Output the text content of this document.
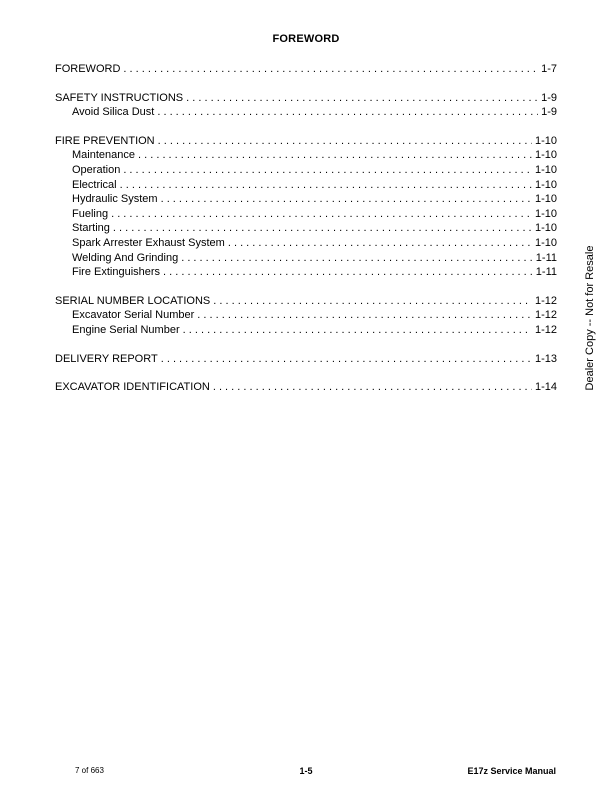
FOREWORD
FOREWORD . . .	1-7
SAFETY INSTRUCTIONS . . .	1-9
Avoid Silica Dust . . .	1-9
FIRE PREVENTION . . .	1-10
Maintenance . . .	1-10
Operation . . .	1-10
Electrical . . .	1-10
Hydraulic System . . .	1-10
Fueling . . .	1-10
Starting . . .	1-10
Spark Arrester Exhaust System . . .	1-10
Welding And Grinding . . .	1-11
Fire Extinguishers . . .	1-11
SERIAL NUMBER LOCATIONS . . .	1-12
Excavator Serial Number . . .	1-12
Engine Serial Number . . .	1-12
DELIVERY REPORT . . .	1-13
EXCAVATOR IDENTIFICATION . . .	1-14 Dealer Copy -- Not for Resale
7 of 663	1-5	E17z Service Manual
